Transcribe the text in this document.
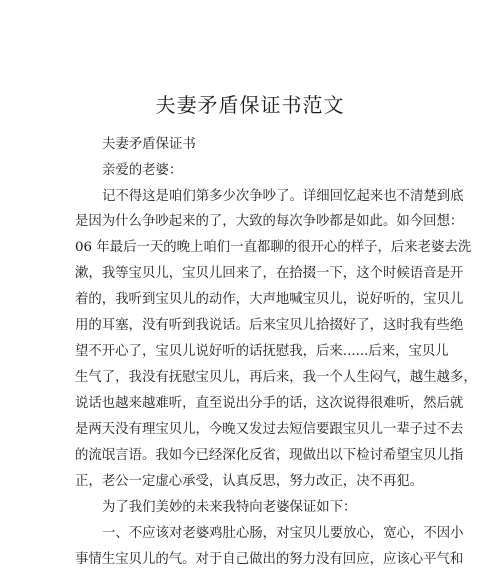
夫妻矛盾保证书范文
夫妻矛盾保证书
亲爱的老婆：
记不得这是咱们第多少次争吵了。详细回忆起来也不清楚到底
是因为什么争吵起来的了，大致的每次争吵都是如此。如今回想：
06 年最后一天的晚上咱们一直都聊的很开心的样子，后来老婆去洗
漱，我等宝贝儿，宝贝儿回来了，在拾掇一下，这个时候语音是开
着的，我听到宝贝儿的动作，大声地喊宝贝儿，说好听的，宝贝儿
用的耳塞，没有听到我说话。后来宝贝儿拾掇好了，这时我有些绝
望不开心了，宝贝儿说好听的话抚慰我，后来......后来，宝贝儿
生气了，我没有抚慰宝贝儿，再后来，我一个人生闷气，越生越多，
说话也越来越难听，直至说出分手的话，这次说得很难听，然后就
是两天没有理宝贝儿，今晚又发过去短信要跟宝贝儿一辈子过不去
的流氓言语。我如今已经深化反省，现做出以下检讨希望宝贝儿指
正，老公一定虚心承受，认真反思，努力改正，决不再犯。
为了我们美妙的未来我特向老婆保证如下：
一、不应该对老婆鸡肚心肠，对宝贝儿要放心，宽心，不因小
事情生宝贝儿的气。对于自己做出的努力没有回应，应该心平气和
